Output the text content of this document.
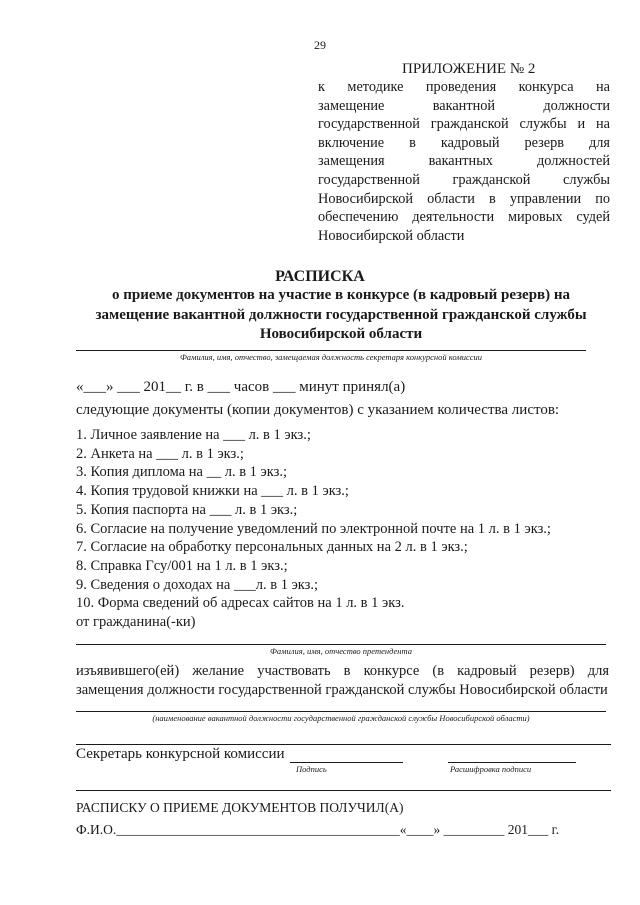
29
ПРИЛОЖЕНИЕ № 2
к методике проведения конкурса на
замещение вакантной должности
государственной гражданской службы и на
включение в кадровый резерв для
замещения вакантных должностей
государственной гражданской службы
Новосибирской области в управлении по
обеспечению деятельности мировых судей
Новосибирской области
РАСПИСКА
о приеме документов на участие в конкурсе (в кадровый резерв) на
замещение вакантной должности государственной гражданской службы
Новосибирской области
Фамилия, имя, отчество, замещаемая должность секретаря конкурсной комиссии
«___» ___ 201__ г. в ___ часов ___ минут принял(а)
следующие документы (копии документов) с указанием количества листов:
1. Личное заявление на ___ л. в 1 экз.;
2. Анкета на ___ л. в 1 экз.;
3. Копия диплома на __ л. в 1 экз.;
4. Копия трудовой книжки на ___ л. в 1 экз.;
5. Копия паспорта на ___ л. в 1 экз.;
6. Согласие на получение уведомлений по электронной почте на 1 л. в 1 экз.;
7. Согласие на обработку персональных данных на 2 л. в 1 экз.;
8. Справка Гсу/001 на 1 л. в 1 экз.;
9. Сведения о доходах на ___л. в 1 экз.;
10. Форма сведений об адресах сайтов на 1 л. в 1 экз.
от гражданина(-ки)
Фамилия, имя, отчество претендента
изъявившего(ей) желание участвовать в конкурсе (в кадровый резерв) для
замещения должности государственной гражданской службы Новосибирской области
(наименование вакантной должности государственной гражданской службы Новосибирской области)
Секретарь конкурсной комиссии
Подпись	Расшифровка подписи
РАСПИСКУ О ПРИЕМЕ ДОКУМЕНТОВ ПОЛУЧИЛ(А)
Ф.И.О.__________________________________________«____» _________ 201___ г.
